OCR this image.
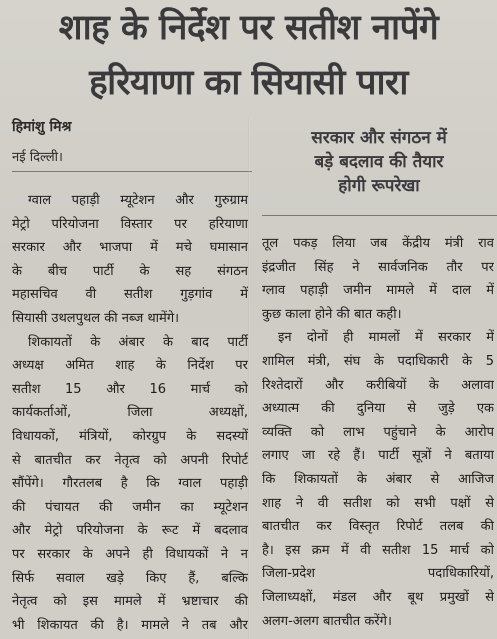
शाह के निर्देश पर सतीश नापेंगे
हरियाणा का सियासी पारा
हिमांशु मिश्र
नई दिल्ली।
सरकार और संगठन में
बड़े बदलाव की तैयार
होगी रूपरेखा
ग्वाल पहाड़ी म्यूटेशन और गुरुग्राम
मेट्रो परियोजना विस्तार पर हरियाणा
सरकार और भाजपा में मचे घमासान
के बीच पार्टी के सह संगठन
महासचिव वी सतीश गुड़गांव में
सियासी उथलपुथल की नब्ज थामेंगे।
शिकायतों के अंबार के बाद पार्टी
अध्यक्ष अमित शाह के निर्देश पर
सतीश 15 और 16 मार्च को
कार्यकर्ताओं, जिला अध्यक्षों,
विधायकों, मंत्रियों, कोरग्रुप के सदस्यों
से बातचीत कर नेतृत्व को अपनी रिपोर्ट
सौंपेंगे। गौरतलब है कि ग्वाल पहाड़ी
की पंचायत की जमीन का म्यूटेशन
और मेट्रो परियोजना के रूट में बदलाव
पर सरकार के अपने ही विधायकों ने न
सिर्फ सवाल खड़े किए हैं, बल्कि
नेतृत्व को इस मामले में भ्रष्टाचार की
भी शिकायत की है। मामले ने तब और
तूल पकड़ लिया जब केंद्रीय मंत्री राव
इंद्रजीत सिंह ने सार्वजनिक तौर पर
ग्लाव पहाड़ी जमीन मामले में दाल में
कुछ काला होने की बात कही।
इन दोनों ही मामलों में सरकार में
शामिल मंत्री, संघ के पदाधिकारी के 5
रिश्तेदारों और करीबियों के अलावा
अध्यात्म की दुनिया से जुड़े एक
व्यक्ति को लाभ पहुंचाने के आरोप
लगाए जा रहे हैं। पार्टी सूत्रों ने बताया
कि शिकायतों के अंबार से आजिज
शाह ने वी सतीश को सभी पक्षों से
बातचीत कर विस्तृत रिपोर्ट तलब की
है। इस क्रम में वी सतीश 15 मार्च को
जिला-प्रदेश पदाधिकारियों,
जिलाध्यक्षों, मंडल और बूथ प्रमुखों से
अलग-अलग बातचीत करेंगे।
